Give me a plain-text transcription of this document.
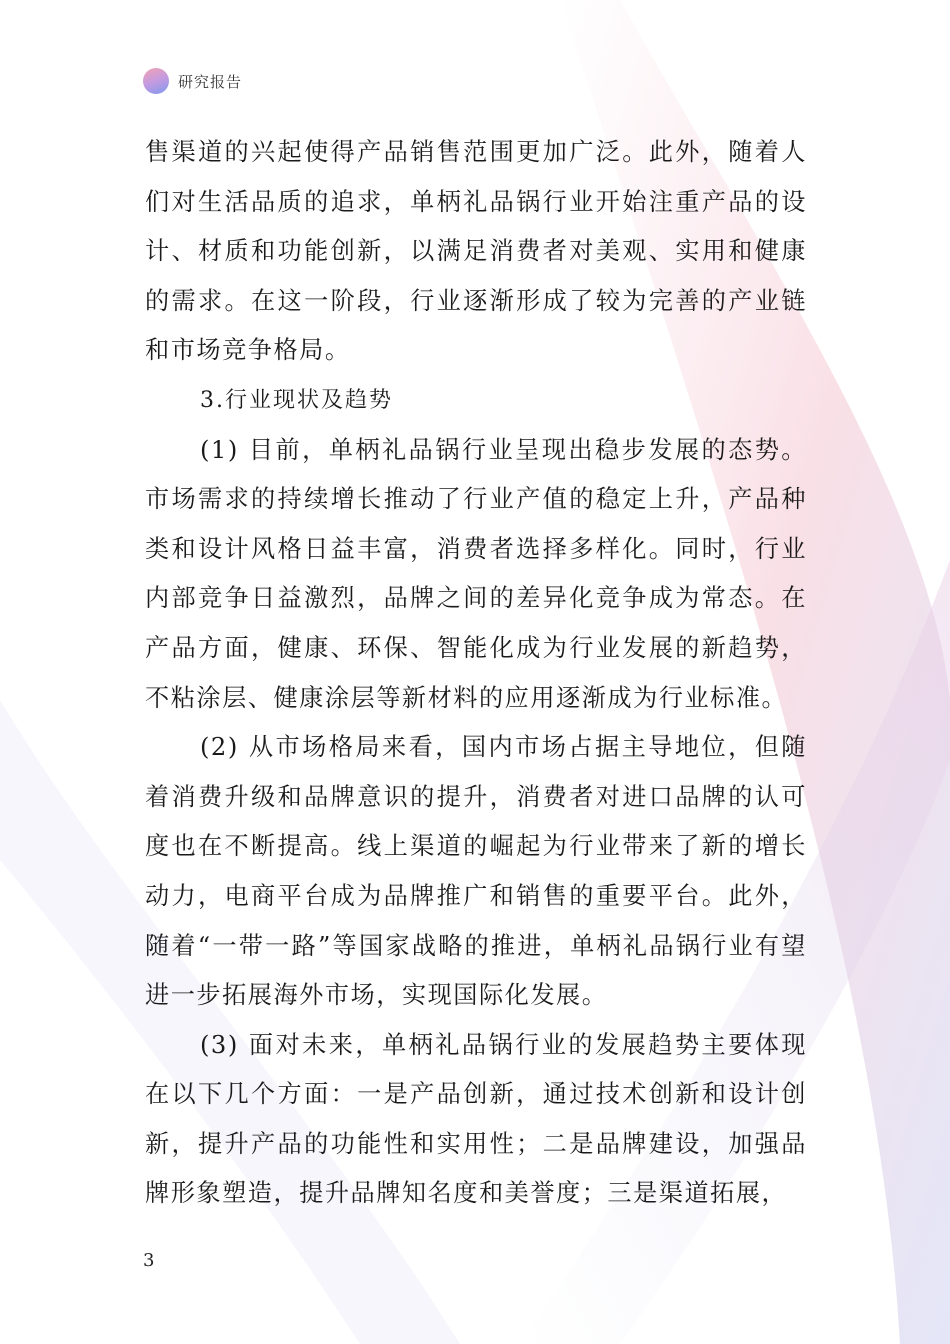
研究报告

售渠道的兴起使得产品销售范围更加广泛。此外，随着人们对生活品质的追求，单柄礼品锅行业开始注重产品的设计、材质和功能创新，以满足消费者对美观、实用和健康的需求。在这一阶段，行业逐渐形成了较为完善的产业链和市场竞争格局。

3.行业现状及趋势

(1) 目前，单柄礼品锅行业呈现出稳步发展的态势。市场需求的持续增长推动了行业产值的稳定上升，产品种类和设计风格日益丰富，消费者选择多样化。同时，行业内部竞争日益激烈，品牌之间的差异化竞争成为常态。在产品方面，健康、环保、智能化成为行业发展的新趋势，不粘涂层、健康涂层等新材料的应用逐渐成为行业标准。

(2) 从市场格局来看，国内市场占据主导地位，但随着消费升级和品牌意识的提升，消费者对进口品牌的认可度也在不断提高。线上渠道的崛起为行业带来了新的增长动力，电商平台成为品牌推广和销售的重要平台。此外，随着“一带一路”等国家战略的推进，单柄礼品锅行业有望进一步拓展海外市场，实现国际化发展。

(3) 面对未来，单柄礼品锅行业的发展趋势主要体现在以下几个方面：一是产品创新，通过技术创新和设计创新，提升产品的功能性和实用性；二是品牌建设，加强品牌形象塑造，提升品牌知名度和美誉度；三是渠道拓展，

3
